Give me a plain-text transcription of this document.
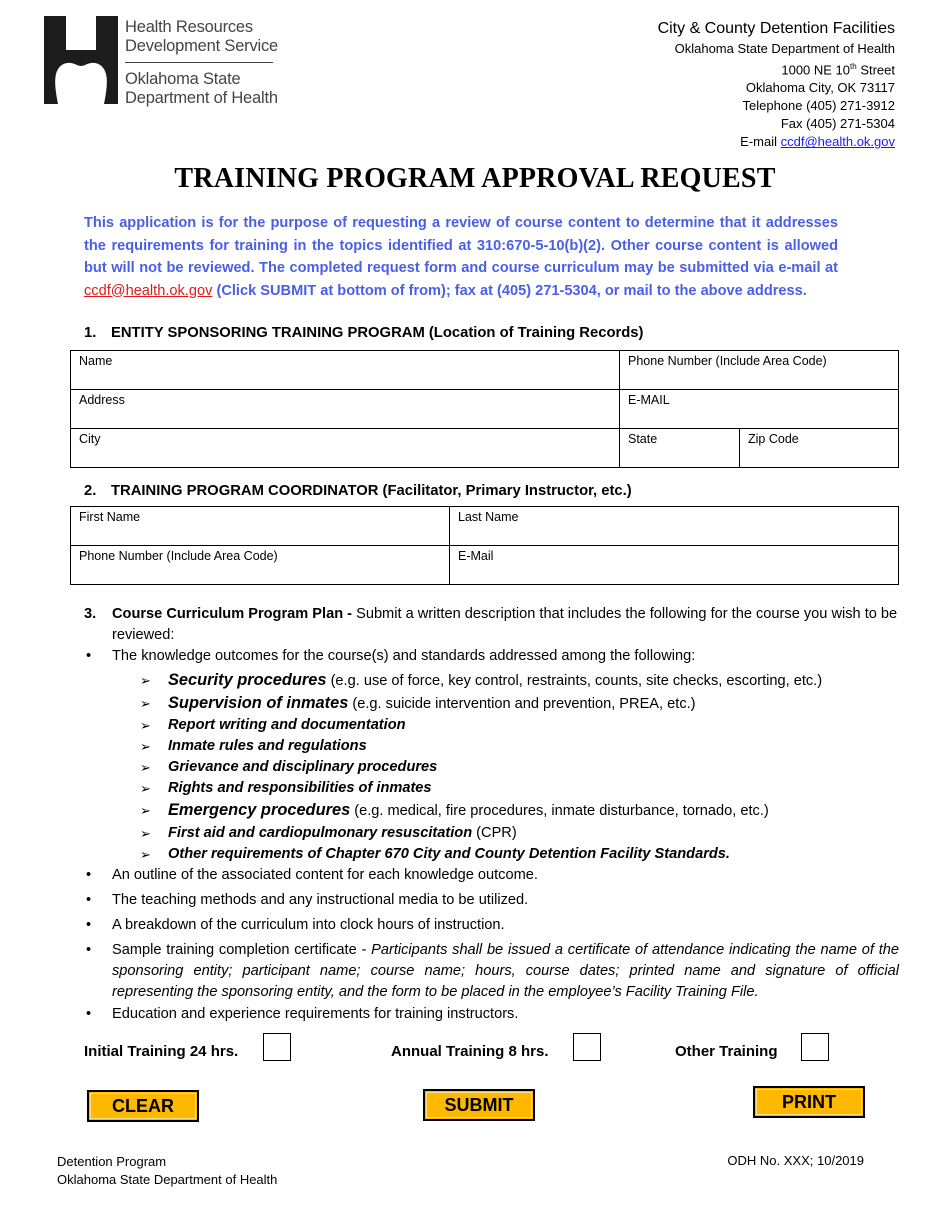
Health Resources
Development Service
Oklahoma State
Department of Health
City & County Detention Facilities
Oklahoma State Department of Health
1000 NE 10th Street
Oklahoma City, OK 73117
Telephone (405) 271-3912
Fax (405) 271-5304
E-mail ccdf@health.ok.gov
TRAINING PROGRAM APPROVAL REQUEST
This application is for the purpose of requesting a review of course content to determine that it addresses the requirements for training in the topics identified at 310:670-5-10(b)(2). Other course content is allowed but will not be reviewed. The completed request form and course curriculum may be submitted via e-mail at ccdf@health.ok.gov (Click SUBMIT at bottom of from); fax at (405) 271-5304, or mail to the above address.
1. ENTITY SPONSORING TRAINING PROGRAM (Location of Training Records)
Name	Phone Number (Include Area Code)	
Address	E-MAIL	
City	State	Zip Code
2. TRAINING PROGRAM COORDINATOR (Facilitator, Primary Instructor, etc.)
First Name	Last Name
Phone Number (Include Area Code)	E-Mail
3. Course Curriculum Program Plan - Submit a written description that includes the following for the course you wish to be reviewed:
• The knowledge outcomes for the course(s) and standards addressed among the following:
➢ Security procedures (e.g. use of force, key control, restraints, counts, site checks, escorting, etc.)
➢ Supervision of inmates (e.g. suicide intervention and prevention, PREA, etc.)
➢ Report writing and documentation
➢ Inmate rules and regulations
➢ Grievance and disciplinary procedures
➢ Rights and responsibilities of inmates
➢ Emergency procedures (e.g. medical, fire procedures, inmate disturbance, tornado, etc.)
➢ First aid and cardiopulmonary resuscitation (CPR)
➢ Other requirements of Chapter 670 City and County Detention Facility Standards.
• An outline of the associated content for each knowledge outcome.
• The teaching methods and any instructional media to be utilized.
• A breakdown of the curriculum into clock hours of instruction.
• Sample training completion certificate - Participants shall be issued a certificate of attendance indicating the name of the sponsoring entity; participant name; course name; hours, course dates; printed name and signature of official representing the sponsoring entity, and the form to be placed in the employee’s Facility Training File.
• Education and experience requirements for training instructors.
Initial Training 24 hrs.	Annual Training 8 hrs.	Other Training
CLEAR	SUBMIT	PRINT
Detention Program
Oklahoma State Department of Health
ODH No. XXX; 10/2019
